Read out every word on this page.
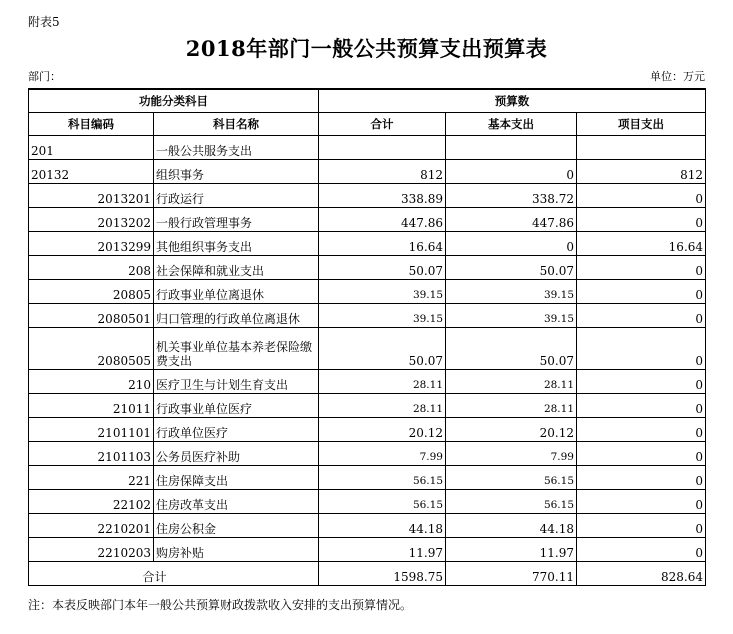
附表5
2018年部门一般公共预算支出预算表
部门：	单位：万元
功能分类科目		预算数		
科目编码	科目名称	合计	基本支出	项目支出
201	一般公共服务支出			
20132	组织事务	812	0	812
2013201	行政运行	338.89	338.72	0
2013202	一般行政管理事务	447.86	447.86	0
2013299	其他组织事务支出	16.64	0	16.64
208	社会保障和就业支出	50.07	50.07	0
20805	行政事业单位离退休	39.15	39.15	0
2080501	归口管理的行政单位离退休	39.15	39.15	0
2080505	机关事业单位基本养老保险缴费支出	50.07	50.07	0
210	医疗卫生与计划生育支出	28.11	28.11	0
21011	行政事业单位医疗	28.11	28.11	0
2101101	行政单位医疗	20.12	20.12	0
2101103	公务员医疗补助	7.99	7.99	0
221	住房保障支出	56.15	56.15	0
22102	住房改革支出	56.15	56.15	0
2210201	住房公积金	44.18	44.18	0
2210203	购房补贴	11.97	11.97	0
合计		1598.75	770.11	828.64
注：本表反映部门本年一般公共预算财政拨款收入安排的支出预算情况。
